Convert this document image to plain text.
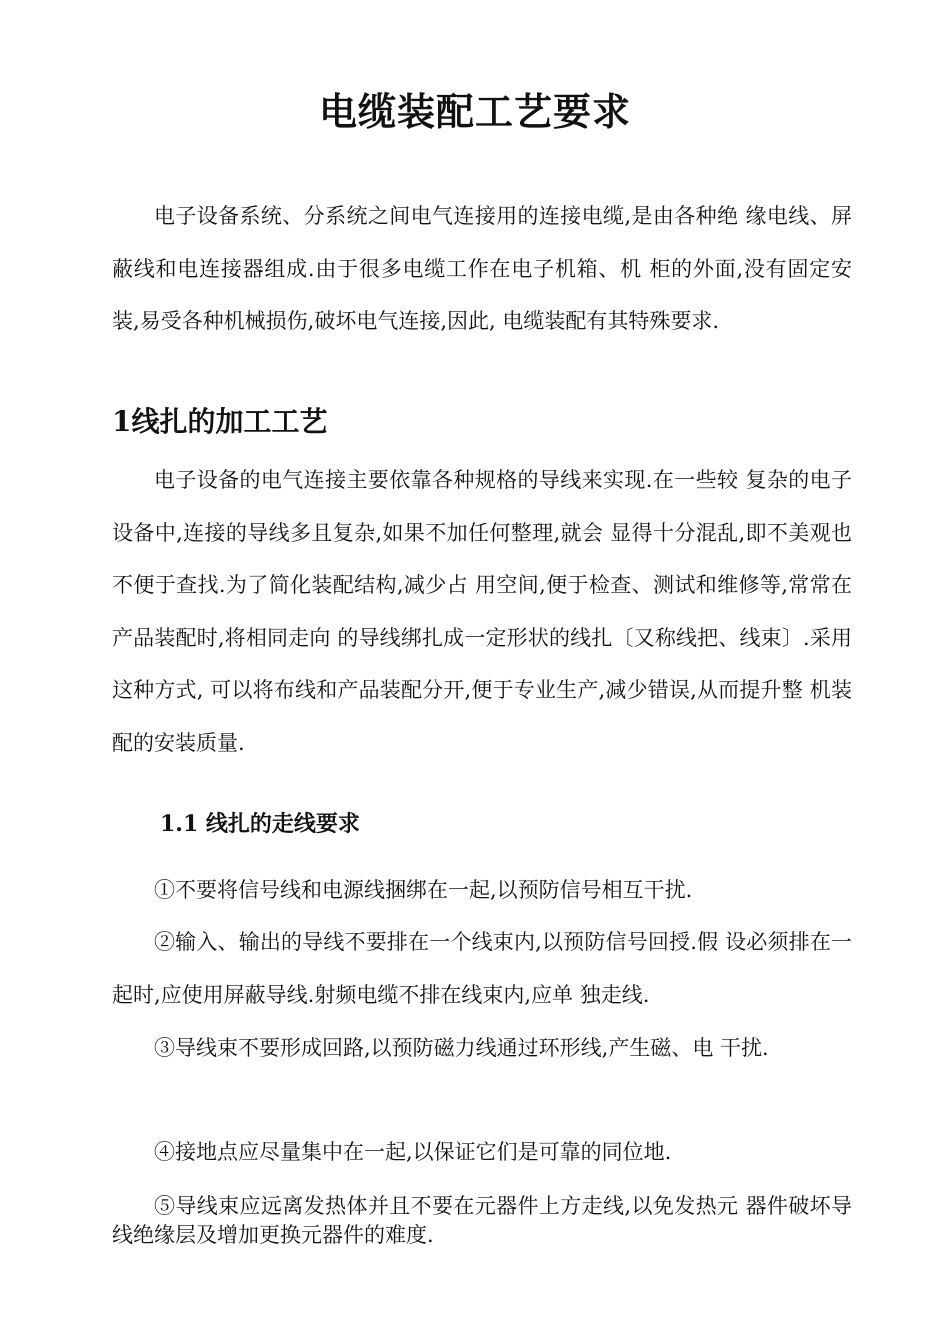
电缆装配工艺要求

电子设备系统、分系统之间电气连接用的连接电缆,是由各种绝 缘电线、屏蔽线和电连接器组成.由于很多电缆工作在电子机箱、机 柜的外面,没有固定安装,易受各种机械损伤,破坏电气连接,因此, 电缆装配有其特殊要求.

1线扎的加工工艺

电子设备的电气连接主要依靠各种规格的导线来实现.在一些较 复杂的电子设备中,连接的导线多且复杂,如果不加任何整理,就会 显得十分混乱,即不美观也不便于查找.为了简化装配结构,减少占 用空间,便于检查、测试和维修等,常常在产品装配时,将相同走向 的导线绑扎成一定形状的线扎〔又称线把、线束〕.采用这种方式, 可以将布线和产品装配分开,便于专业生产,减少错误,从而提升整 机装配的安装质量.

1.1 线扎的走线要求

①不要将信号线和电源线捆绑在一起,以预防信号相互干扰.

②输入、输出的导线不要排在一个线束内,以预防信号回授.假 设必须排在一起时,应使用屏蔽导线.射频电缆不排在线束内,应单 独走线.

③导线束不要形成回路,以预防磁力线通过环形线,产生磁、电 干扰.

④接地点应尽量集中在一起,以保证它们是可靠的同位地.

⑤导线束应远离发热体并且不要在元器件上方走线,以免发热元 器件破坏导线绝缘层及增加更换元器件的难度.
